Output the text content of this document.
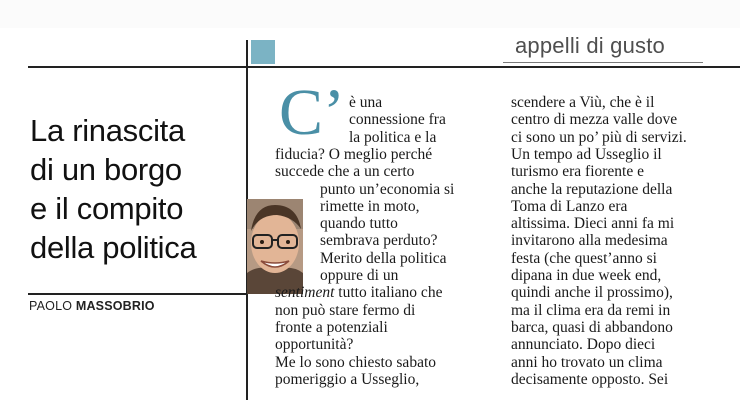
appelli di gusto
La rinascita
di un borgo
e il compito
della politica
PAOLO MASSOBRIO
C’ è una
connessione fra
la politica e la
fiducia? O meglio perché
succede che a un certo
punto un’economia si
rimette in moto,
quando tutto
sembrava perduto?
Merito della politica
oppure di un
sentiment tutto italiano che
non può stare fermo di
fronte a potenziali
opportunità?
Me lo sono chiesto sabato
pomeriggio a Usseglio,
scendere a Viù, che è il
centro di mezza valle dove
ci sono un po’ più di servizi.
Un tempo ad Usseglio il
turismo era fiorente e
anche la reputazione della
Toma di Lanzo era
altissima. Dieci anni fa mi
invitarono alla medesima
festa (che quest’anno si
dipana in due week end,
quindi anche il prossimo),
ma il clima era da remi in
barca, quasi di abbandono
annunciato. Dopo dieci
anni ho trovato un clima
decisamente opposto. Sei
